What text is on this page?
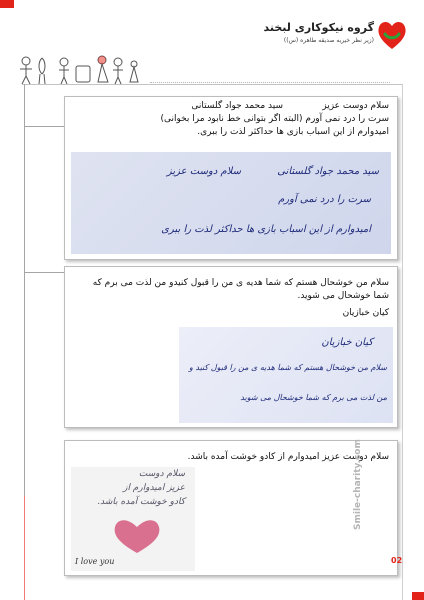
گروه نیکوکاری لبخند
(زیر نظر خیریه صدیقه طاهره (س))
سلام دوست عزیز
سید محمد جواد گلستانی
سرت را درد نمی آورم (البته اگر بتوانی خط نابود مرا بخوانی)
امیدوارم از این اسباب بازی ها حداکثر لذت را ببری.
سلام دوست عزیز
سرت را درد نمی آورم
امیدوارم از این اسباب بازی ها حداکثر لذت را ببری
سید محمد جواد گلستانی
سلام من خوشحال هستم که شما هدیه ی من را قبول کنیدو من لذت می برم که
شما خوشحال می شوید.
کیان خبازیان
کیان خبازیان
سلام من خوشحال هستم که شما هدیه ی من را قبول کنید و
من لذت می برم که شما خوشحال می شوید
سلام دوست عزیز امیدوارم از کادو خوشت آمده باشد.
سلام دوست
عزیز امیدوارم از
کادو خوشت آمده باشد.
I love you
Smile-charity.com
02
